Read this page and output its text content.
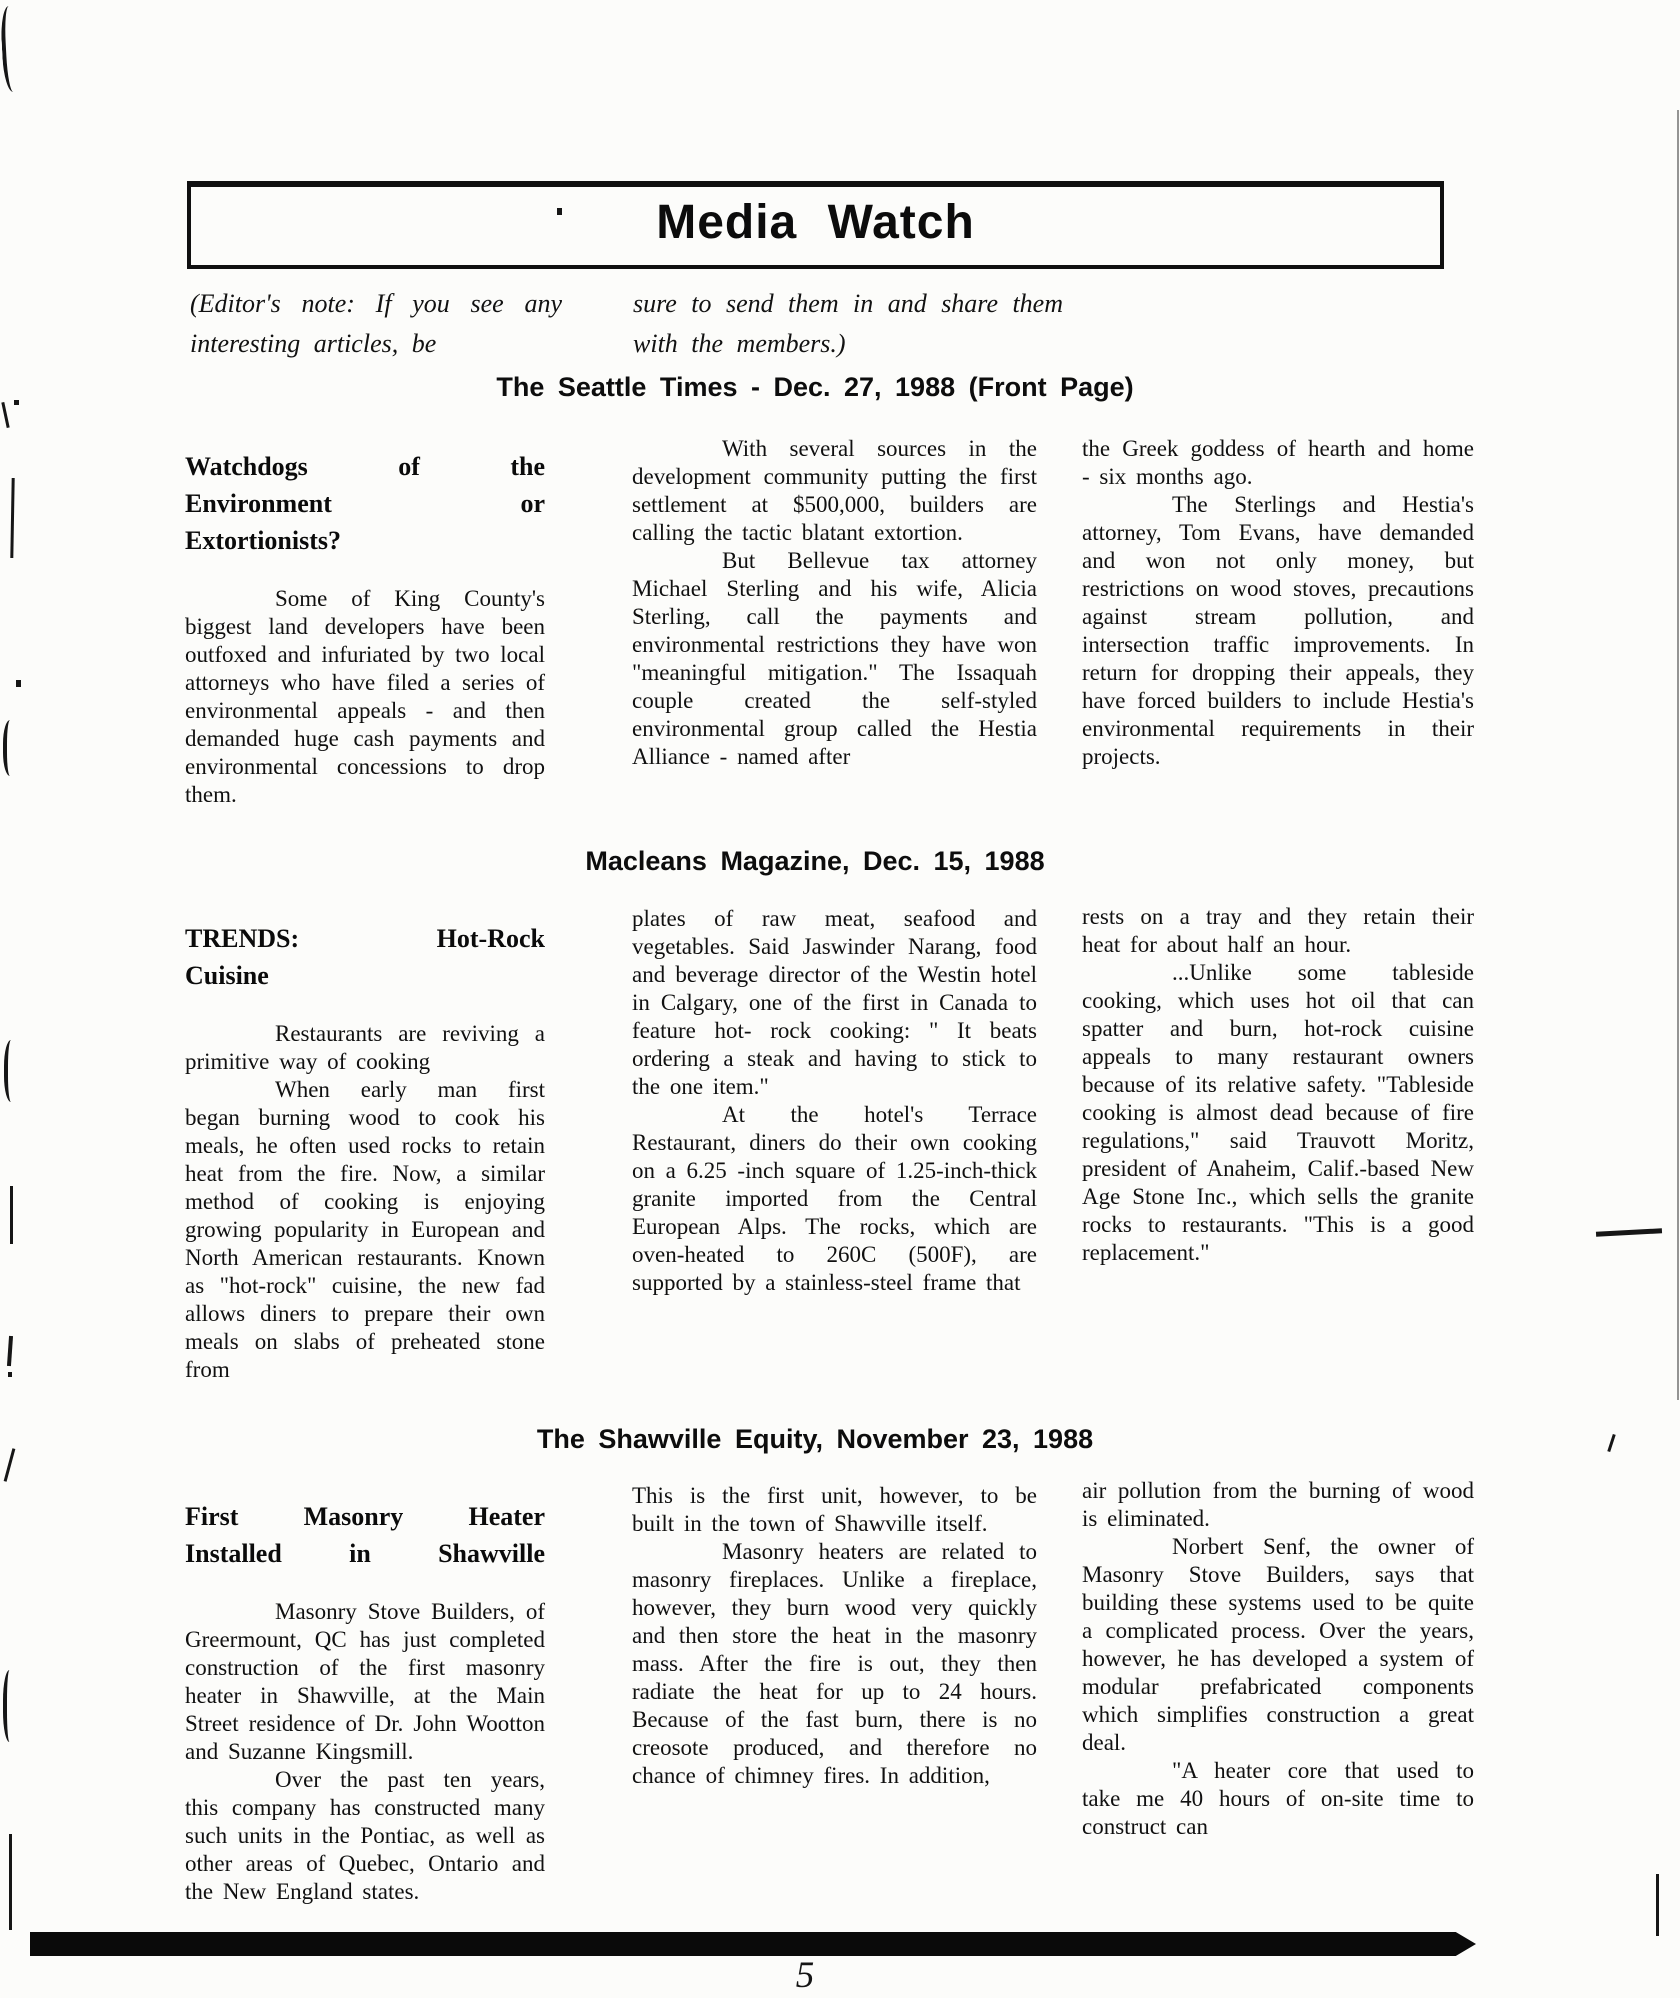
Media Watch
(Editor's note: If you see any interesting articles, be
sure to send them in and share them with the members.)
The Seattle Times - Dec. 27, 1988 (Front Page)
Watchdogs of the Environment or Extortionists?

Some of King County's biggest land developers have been outfoxed and infuriated by two local attorneys who have filed a series of environmental appeals - and then demanded huge cash payments and environmental concessions to drop them.

With several sources in the development community putting the first settlement at $500,000, builders are calling the tactic blatant extortion.

But Bellevue tax attorney Michael Sterling and his wife, Alicia Sterling, call the payments and environmental restrictions they have won "meaningful mitigation." The Issaquah couple created the self-styled environmental group called the Hestia Alliance - named after

the Greek goddess of hearth and home - six months ago.

The Sterlings and Hestia's attorney, Tom Evans, have demanded and won not only money, but restrictions on wood stoves, precautions against stream pollution, and intersection traffic improvements. In return for dropping their appeals, they have forced builders to include Hestia's environmental requirements in their projects.

Macleans Magazine, Dec. 15, 1988
TRENDS: Hot-Rock Cuisine

Restaurants are reviving a primitive way of cooking

When early man first began burning wood to cook his meals, he often used rocks to retain heat from the fire. Now, a similar method of cooking is enjoying growing popularity in European and North American restaurants. Known as "hot-rock" cuisine, the new fad allows diners to prepare their own meals on slabs of preheated stone from

plates of raw meat, seafood and vegetables. Said Jaswinder Narang, food and beverage director of the Westin hotel in Calgary, one of the first in Canada to feature hot- rock cooking: " It beats ordering a steak and having to stick to the one item."

At the hotel's Terrace Restaurant, diners do their own cooking on a 6.25 -inch square of 1.25-inch-thick granite imported from the Central European Alps. The rocks, which are oven-heated to 260C (500F), are supported by a stainless-steel frame that

rests on a tray and they retain their heat for about half an hour.

...Unlike some tableside cooking, which uses hot oil that can spatter and burn, hot-rock cuisine appeals to many restaurant owners because of its relative safety. "Tableside cooking is almost dead because of fire regulations," said Trauvott Moritz, president of Anaheim, Calif.-based New Age Stone Inc., which sells the granite rocks to restaurants. "This is a good replacement."

The Shawville Equity, November 23, 1988
First Masonry Heater Installed in Shawville

Masonry Stove Builders, of Greermount, QC has just completed construction of the first masonry heater in Shawville, at the Main Street residence of Dr. John Wootton and Suzanne Kingsmill.

Over the past ten years, this company has constructed many such units in the Pontiac, as well as other areas of Quebec, Ontario and the New England states.

This is the first unit, however, to be built in the town of Shawville itself.

Masonry heaters are related to masonry fireplaces. Unlike a fireplace, however, they burn wood very quickly and then store the heat in the masonry mass. After the fire is out, they then radiate the heat for up to 24 hours. Because of the fast burn, there is no creosote produced, and therefore no chance of chimney fires. In addition,

air pollution from the burning of wood is eliminated.

Norbert Senf, the owner of Masonry Stove Builders, says that building these systems used to be quite a complicated process. Over the years, however, he has developed a system of modular prefabricated components which simplifies construction a great deal.

"A heater core that used to take me 40 hours of on-site time to construct can

5
